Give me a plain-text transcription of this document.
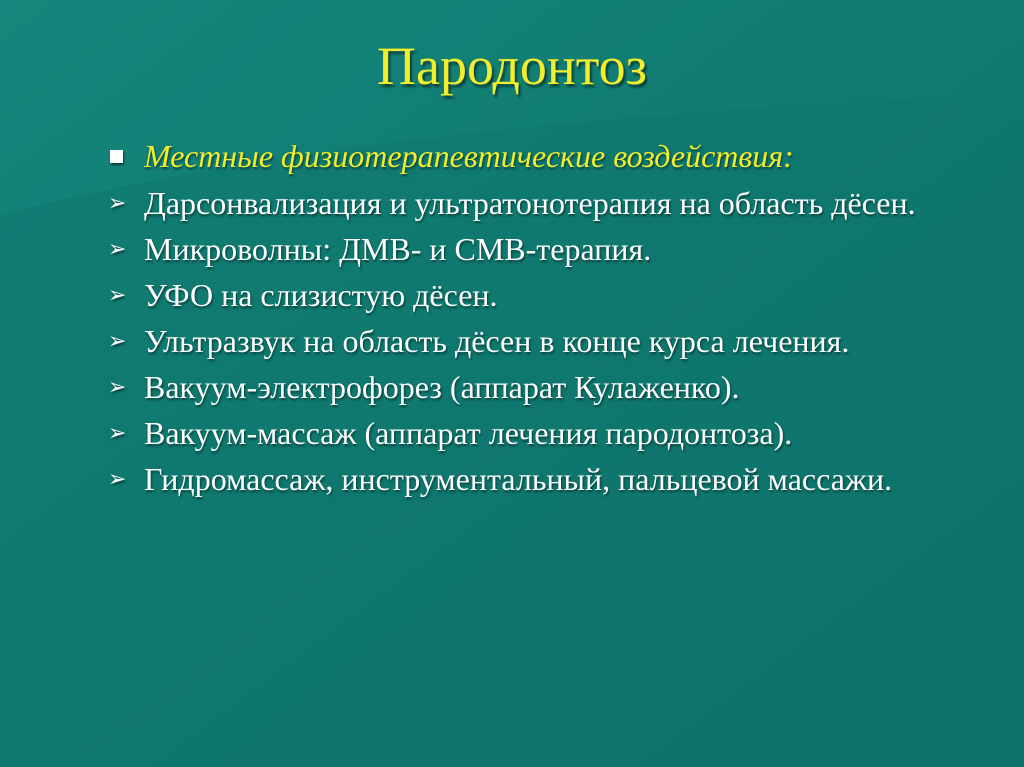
Пародонтоз
Местные физиотерапевтические воздействия:
➢ Дарсонвализация и ультратонотерапия на область дёсен.
➢ Микроволны: ДМВ- и СМВ-терапия.
➢ УФО на слизистую дёсен.
➢ Ультразвук на область дёсен в конце курса лечения.
➢ Вакуум-электрофорез (аппарат Кулаженко).
➢ Вакуум-массаж (аппарат лечения пародонтоза).
➢ Гидромассаж, инструментальный, пальцевой массажи.
